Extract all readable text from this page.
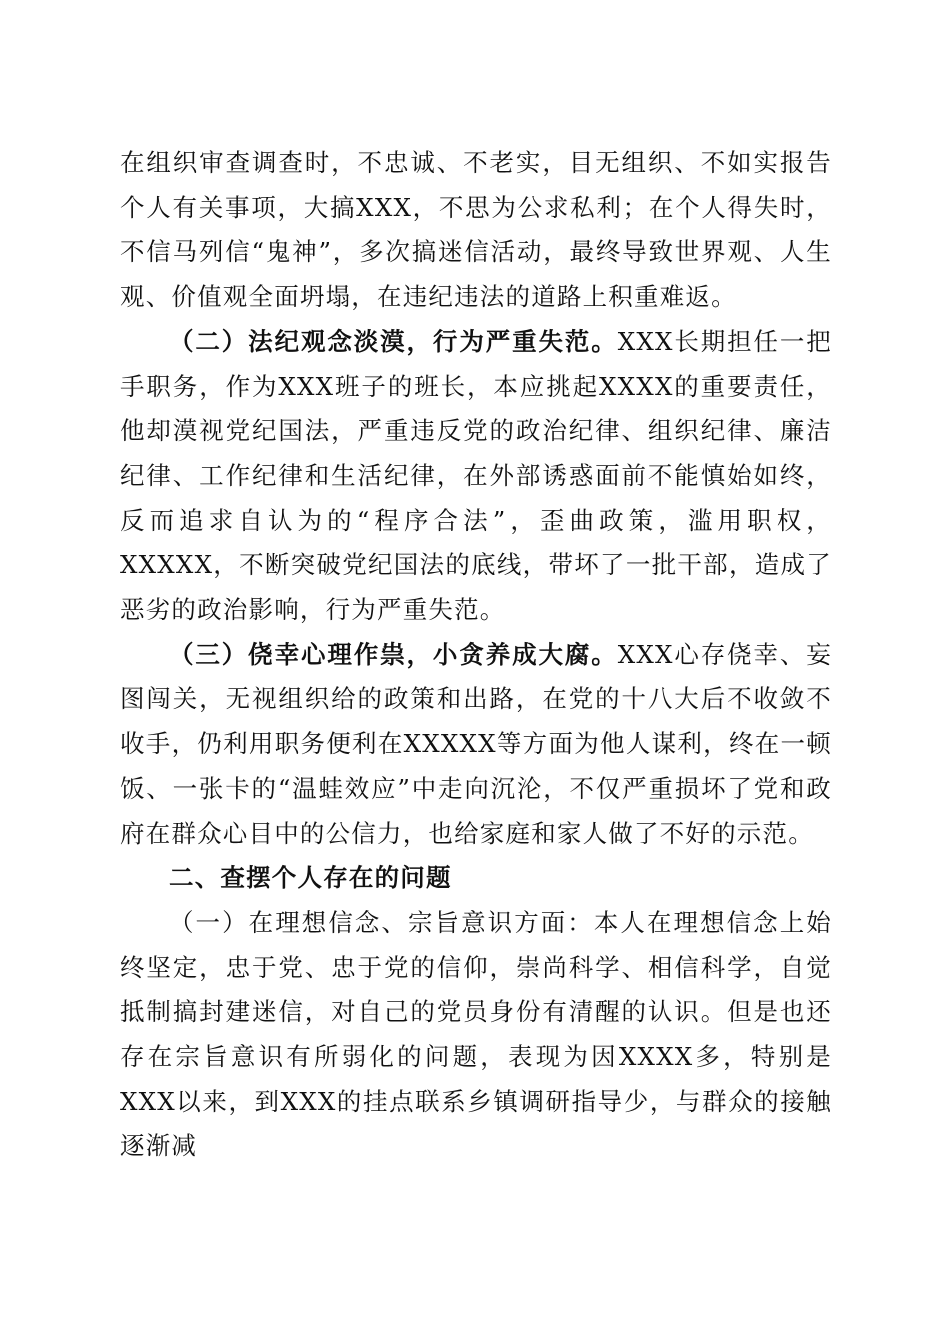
在组织审查调查时，不忠诚、不老实，目无组织、不如实报告个人有关事项，大搞XXX，不思为公求私利；在个人得失时，不信马列信“鬼神”，多次搞迷信活动，最终导致世界观、人生观、价值观全面坍塌，在违纪违法的道路上积重难返。

（二）法纪观念淡漠，行为严重失范。XXX长期担任一把手职务，作为XXX班子的班长，本应挑起XXXX的重要责任，他却漠视党纪国法，严重违反党的政治纪律、组织纪律、廉洁纪律、工作纪律和生活纪律，在外部诱惑面前不能慎始如终，反而追求自认为的“程序合法”，歪曲政策，滥用职权，XXXXX，不断突破党纪国法的底线，带坏了一批干部，造成了恶劣的政治影响，行为严重失范。

（三）侥幸心理作祟，小贪养成大腐。XXX心存侥幸、妄图闯关，无视组织给的政策和出路，在党的十八大后不收敛不收手，仍利用职务便利在XXXXX等方面为他人谋利，终在一顿饭、一张卡的“温蛙效应”中走向沉沦，不仅严重损坏了党和政府在群众心目中的公信力，也给家庭和家人做了不好的示范。

二、查摆个人存在的问题

（一）在理想信念、宗旨意识方面：本人在理想信念上始终坚定，忠于党、忠于党的信仰，崇尚科学、相信科学，自觉抵制搞封建迷信，对自己的党员身份有清醒的认识。但是也还存在宗旨意识有所弱化的问题，表现为因XXXX多，特别是XXX以来，到XXX的挂点联系乡镇调研指导少，与群众的接触逐渐减
